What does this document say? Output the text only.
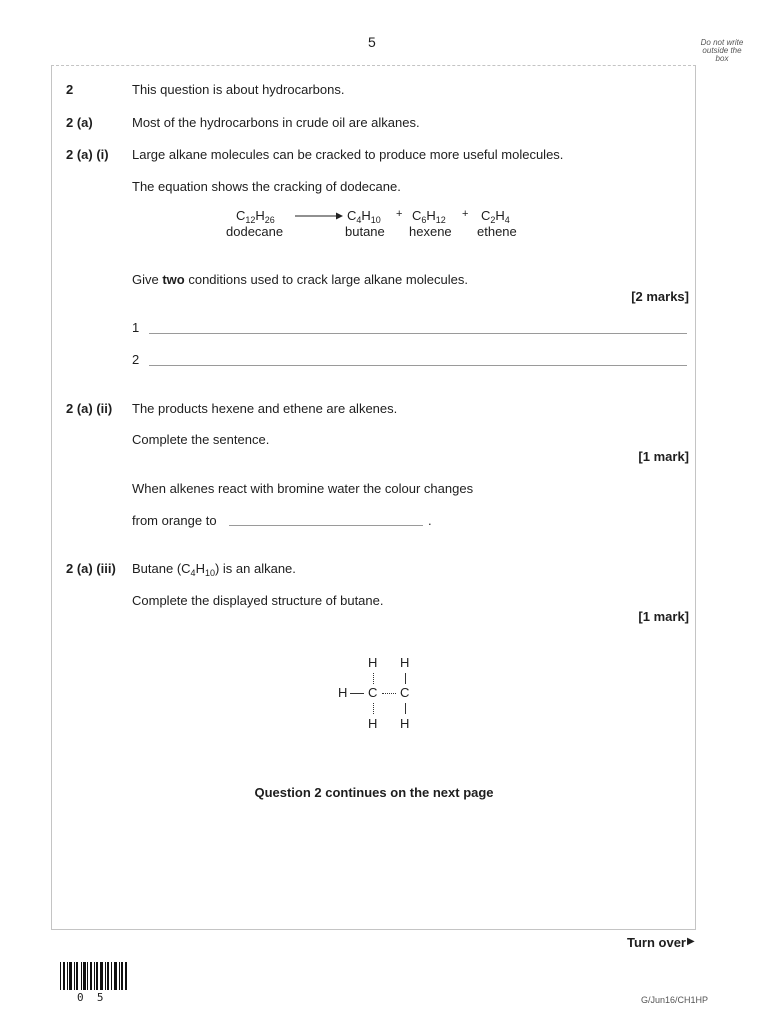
5	Do not write
outside the
box
2	This question is about hydrocarbons.
2 (a)	Most of the hydrocarbons in crude oil are alkanes.
2 (a) (i) Large alkane molecules can be cracked to produce more useful molecules.
The equation shows the cracking of dodecane.
$C_{12}H_{26} \to C_4H_{10} + C_6H_{12} + C_2H_4$
dodecane	butane hexene ethene
Give two conditions used to crack large alkane molecules.
[2 marks]
1
2
2 (a) (ii) The products hexene and ethene are alkenes.
Complete the sentence.
[1 mark]
When alkenes react with bromine water the colour changes
from orange to	.
2 (a) (iii) Butane $(C_4H_{10})$ is an alkane.
Complete the displayed structure of butane.
[1 mark]
H H
H C C
H H
Question 2 continues on the next page
Turn over ▶
0  5	G/Jun16/CH1HP
